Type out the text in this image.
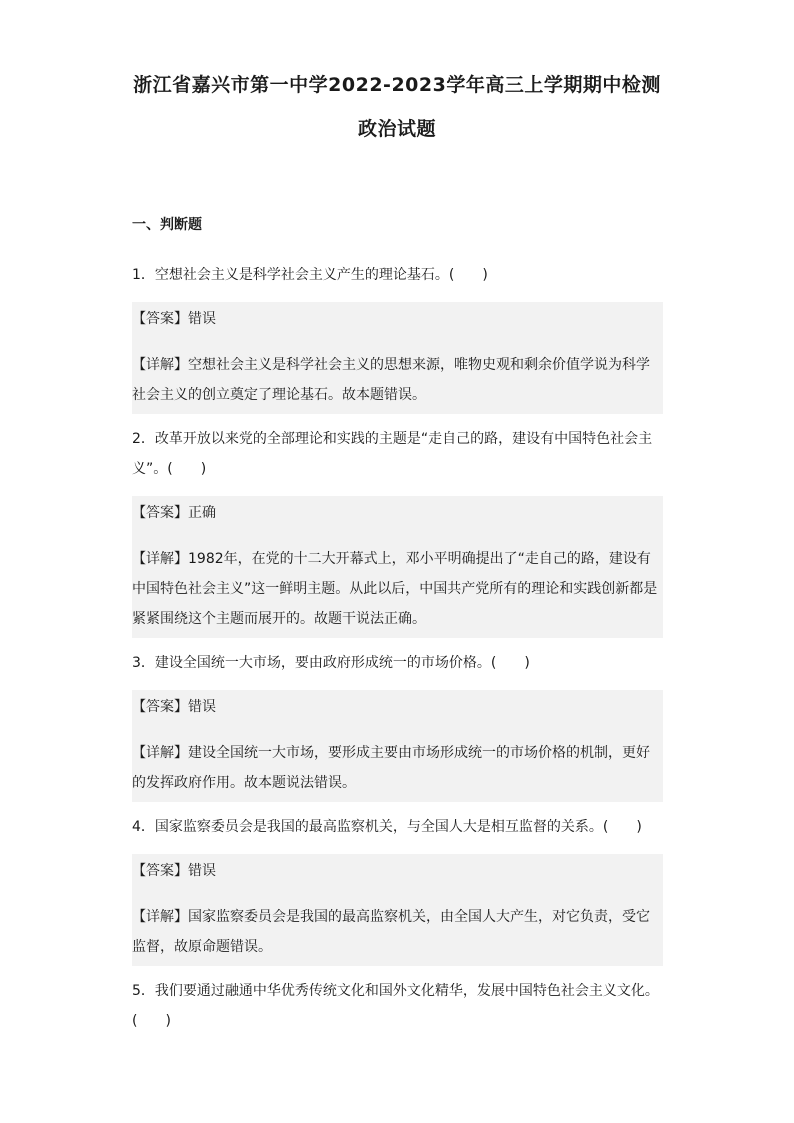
浙江省嘉兴市第一中学2022-2023学年高三上学期期中检测
政治试题
一、判断题

1．空想社会主义是科学社会主义产生的理论基石。(　　)

【答案】错误
【详解】空想社会主义是科学社会主义的思想来源，唯物史观和剩余价值学说为科学社会主义的创立奠定了理论基石。故本题错误。

2．改革开放以来党的全部理论和实践的主题是“走自己的路，建设有中国特色社会主义”。(　　)

【答案】正确
【详解】1982年，在党的十二大开幕式上，邓小平明确提出了“走自己的路，建设有中国特色社会主义”这一鲜明主题。从此以后，中国共产党所有的理论和实践创新都是紧紧围绕这个主题而展开的。故题干说法正确。

3．建设全国统一大市场，要由政府形成统一的市场价格。(　　)

【答案】错误
【详解】建设全国统一大市场，要形成主要由市场形成统一的市场价格的机制，更好的发挥政府作用。故本题说法错误。

4．国家监察委员会是我国的最高监察机关，与全国人大是相互监督的关系。(　　)

【答案】错误
【详解】国家监察委员会是我国的最高监察机关，由全国人大产生，对它负责，受它监督，故原命题错误。

5．我们要通过融通中华优秀传统文化和国外文化精华，发展中国特色社会主义文化。(　　)
